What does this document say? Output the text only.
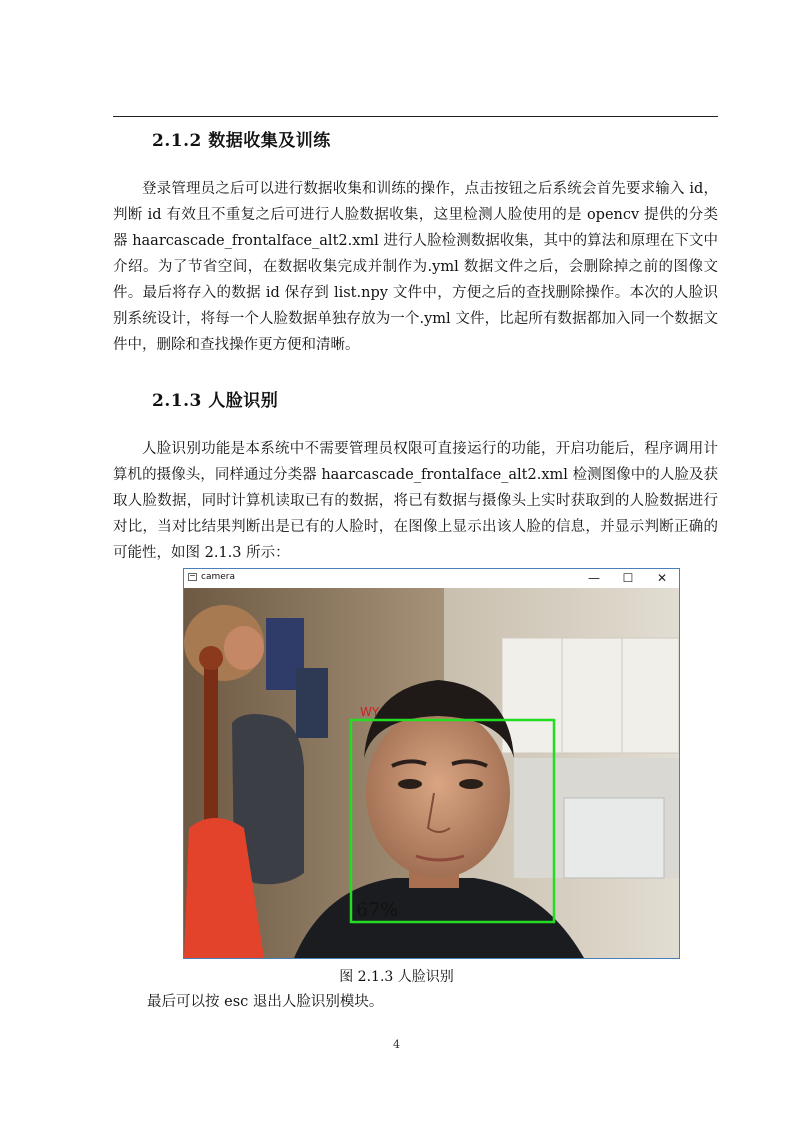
2.1.2 数据收集及训练

登录管理员之后可以进行数据收集和训练的操作，点击按钮之后系统会首先要求输入 id，判断 id 有效且不重复之后可进行人脸数据收集，这里检测人脸使用的是 opencv 提供的分类器 haarcascade_frontalface_alt2.xml 进行人脸检测数据收集，其中的算法和原理在下文中介绍。为了节省空间，在数据收集完成并制作为.yml 数据文件之后，会删除掉之前的图像文件。最后将存入的数据 id 保存到 list.npy 文件中，方便之后的查找删除操作。本次的人脸识别系统设计，将每一个人脸数据单独存放为一个.yml 文件，比起所有数据都加入同一个数据文件中，删除和查找操作更方便和清晰。

2.1.3 人脸识别

人脸识别功能是本系统中不需要管理员权限可直接运行的功能，开启功能后，程序调用计算机的摄像头，同样通过分类器 haarcascade_frontalface_alt2.xml 检测图像中的人脸及获取人脸数据，同时计算机读取已有的数据，将已有数据与摄像头上实时获取到的人脸数据进行对比，当对比结果判断出是已有的人脸时，在图像上显示出该人脸的信息，并显示判断正确的可能性，如图 2.1.3 所示：

camera	—	☐	✕
WY
67%
图 2.1.3 人脸识别
最后可以按 esc 退出人脸识别模块。
4
